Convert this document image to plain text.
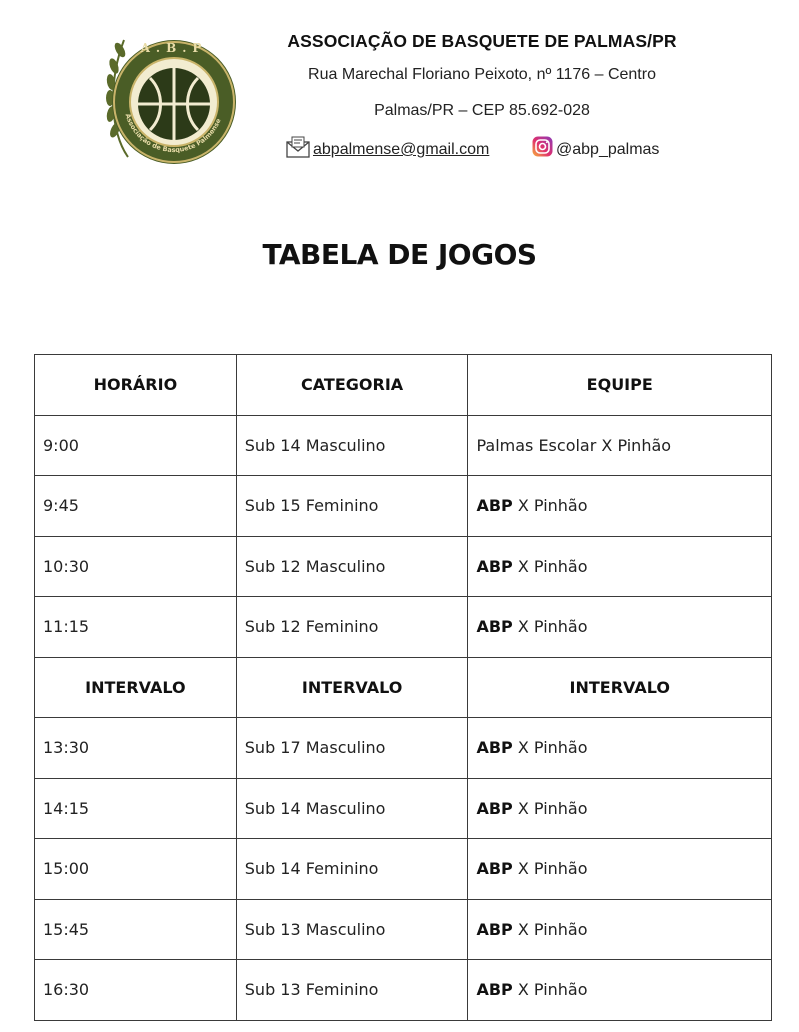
A.B.P
Associação de Basquete Palmense
ASSOCIAÇÃO DE BASQUETE DE PALMAS/PR
Rua Marechal Floriano Peixoto, nº 1176 – Centro
Palmas/PR – CEP 85.692-028
abpalmense@gmail.com	@abp_palmas
TABELA DE JOGOS
HORÁRIO	CATEGORIA	EQUIPE
9:00	Sub 14 Masculino	Palmas Escolar X Pinhão
9:45	Sub 15 Feminino	ABP X Pinhão
10:30	Sub 12 Masculino	ABP X Pinhão
11:15	Sub 12 Feminino	ABP X Pinhão
INTERVALO	INTERVALO	INTERVALO
13:30	Sub 17 Masculino	ABP X Pinhão
14:15	Sub 14 Masculino	ABP X Pinhão
15:00	Sub 14 Feminino	ABP X Pinhão
15:45	Sub 13 Masculino	ABP X Pinhão
16:30	Sub 13 Feminino	ABP X Pinhão
